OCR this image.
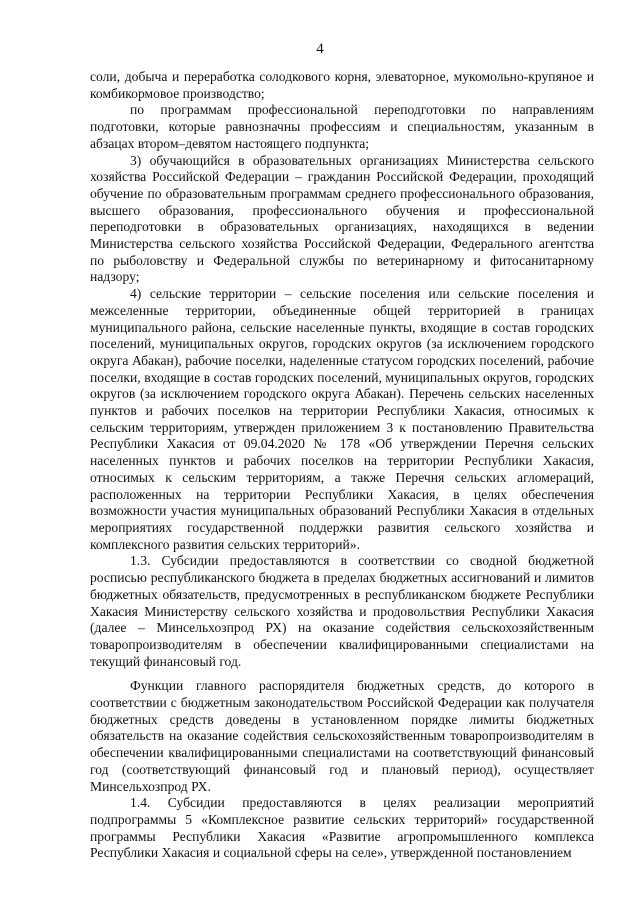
4

соли, добыча и переработка солодкового корня, элеваторное, мукомольно-крупяное и комбикормовое производство;

по программам профессиональной переподготовки по направлениям подготовки, которые равнозначны профессиям и специальностям, указанным в абзацах втором–девятом настоящего подпункта;

3) обучающийся в образовательных организациях Министерства сельского хозяйства Российской Федерации – гражданин Российской Федерации, проходящий обучение по образовательным программам среднего профессионального образования, высшего образования, профессионального обучения и профессиональной переподготовки в образовательных организациях, находящихся в ведении Министерства сельского хозяйства Российской Федерации, Федерального агентства по рыболовству и Федеральной службы по ветеринарному и фитосанитарному надзору;

4) сельские территории – сельские поселения или сельские поселения и межселенные территории, объединенные общей территорией в границах муниципального района, сельские населенные пункты, входящие в состав городских поселений, муниципальных округов, городских округов (за исключением городского округа Абакан), рабочие поселки, наделенные статусом городских поселений, рабочие поселки, входящие в состав городских поселений, муниципальных округов, городских округов (за исключением городского округа Абакан). Перечень сельских населенных пунктов и рабочих поселков на территории Республики Хакасия, относимых к сельским территориям, утвержден приложением 3 к постановлению Правительства Республики Хакасия от 09.04.2020 № 178 «Об утверждении Перечня сельских населенных пунктов и рабочих поселков на территории Республики Хакасия, относимых к сельским территориям, а также Перечня сельских агломераций, расположенных на территории Республики Хакасия, в целях обеспечения возможности участия муниципальных образований Республики Хакасия в отдельных мероприятиях государственной поддержки развития сельского хозяйства и комплексного развития сельских территорий».

1.3. Субсидии предоставляются в соответствии со сводной бюджетной росписью республиканского бюджета в пределах бюджетных ассигнований и лимитов бюджетных обязательств, предусмотренных в республиканском бюджете Республики Хакасия Министерству сельского хозяйства и продовольствия Республики Хакасия (далее – Минсельхозпрод РХ) на оказание содействия сельскохозяйственным товаропроизводителям в обеспечении квалифицированными специалистами на текущий финансовый год.

Функции главного распорядителя бюджетных средств, до которого в соответствии с бюджетным законодательством Российской Федерации как получателя бюджетных средств доведены в установленном порядке лимиты бюджетных обязательств на оказание содействия сельскохозяйственным товаропроизводителям в обеспечении квалифицированными специалистами на соответствующий финансовый год (соответствующий финансовый год и плановый период), осуществляет Минсельхозпрод РХ.

1.4. Субсидии предоставляются в целях реализации мероприятий подпрограммы 5 «Комплексное развитие сельских территорий» государственной программы Республики Хакасия «Развитие агропромышленного комплекса Республики Хакасия и социальной сферы на селе», утвержденной постановлением
